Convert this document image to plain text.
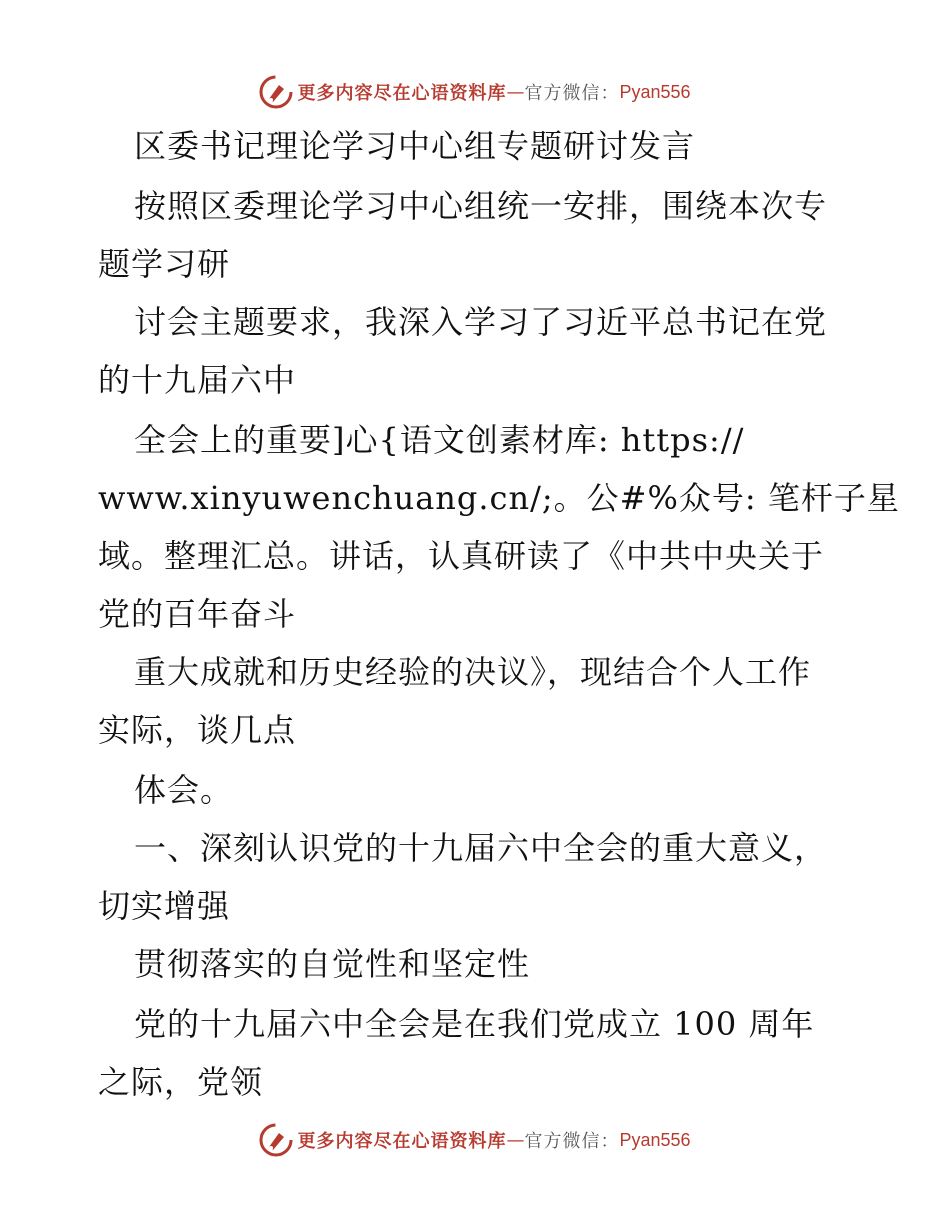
更多内容尽在心语资料库 — 官方微信： Pyan556
区委书记理论学习中心组专题研讨发言
按照区委理论学习中心组统一安排，围绕本次专
题学习研
讨会主题要求，我深入学习了习近平总书记在党
的十九届六中
全会上的重要]心{语文创素材库: https://
www.xinyuwenchuang.cn/;。公#%众号: 笔杆子星
域。整理汇总。讲话，认真研读了《中共中央关于
党的百年奋斗
重大成就和历史经验的决议》，现结合个人工作
实际，谈几点
体会。
一、深刻认识党的十九届六中全会的重大意义，
切实增强
贯彻落实的自觉性和坚定性
党的十九届六中全会是在我们党成立 100 周年
之际，党领
更多内容尽在心语资料库 — 官方微信： Pyan556
